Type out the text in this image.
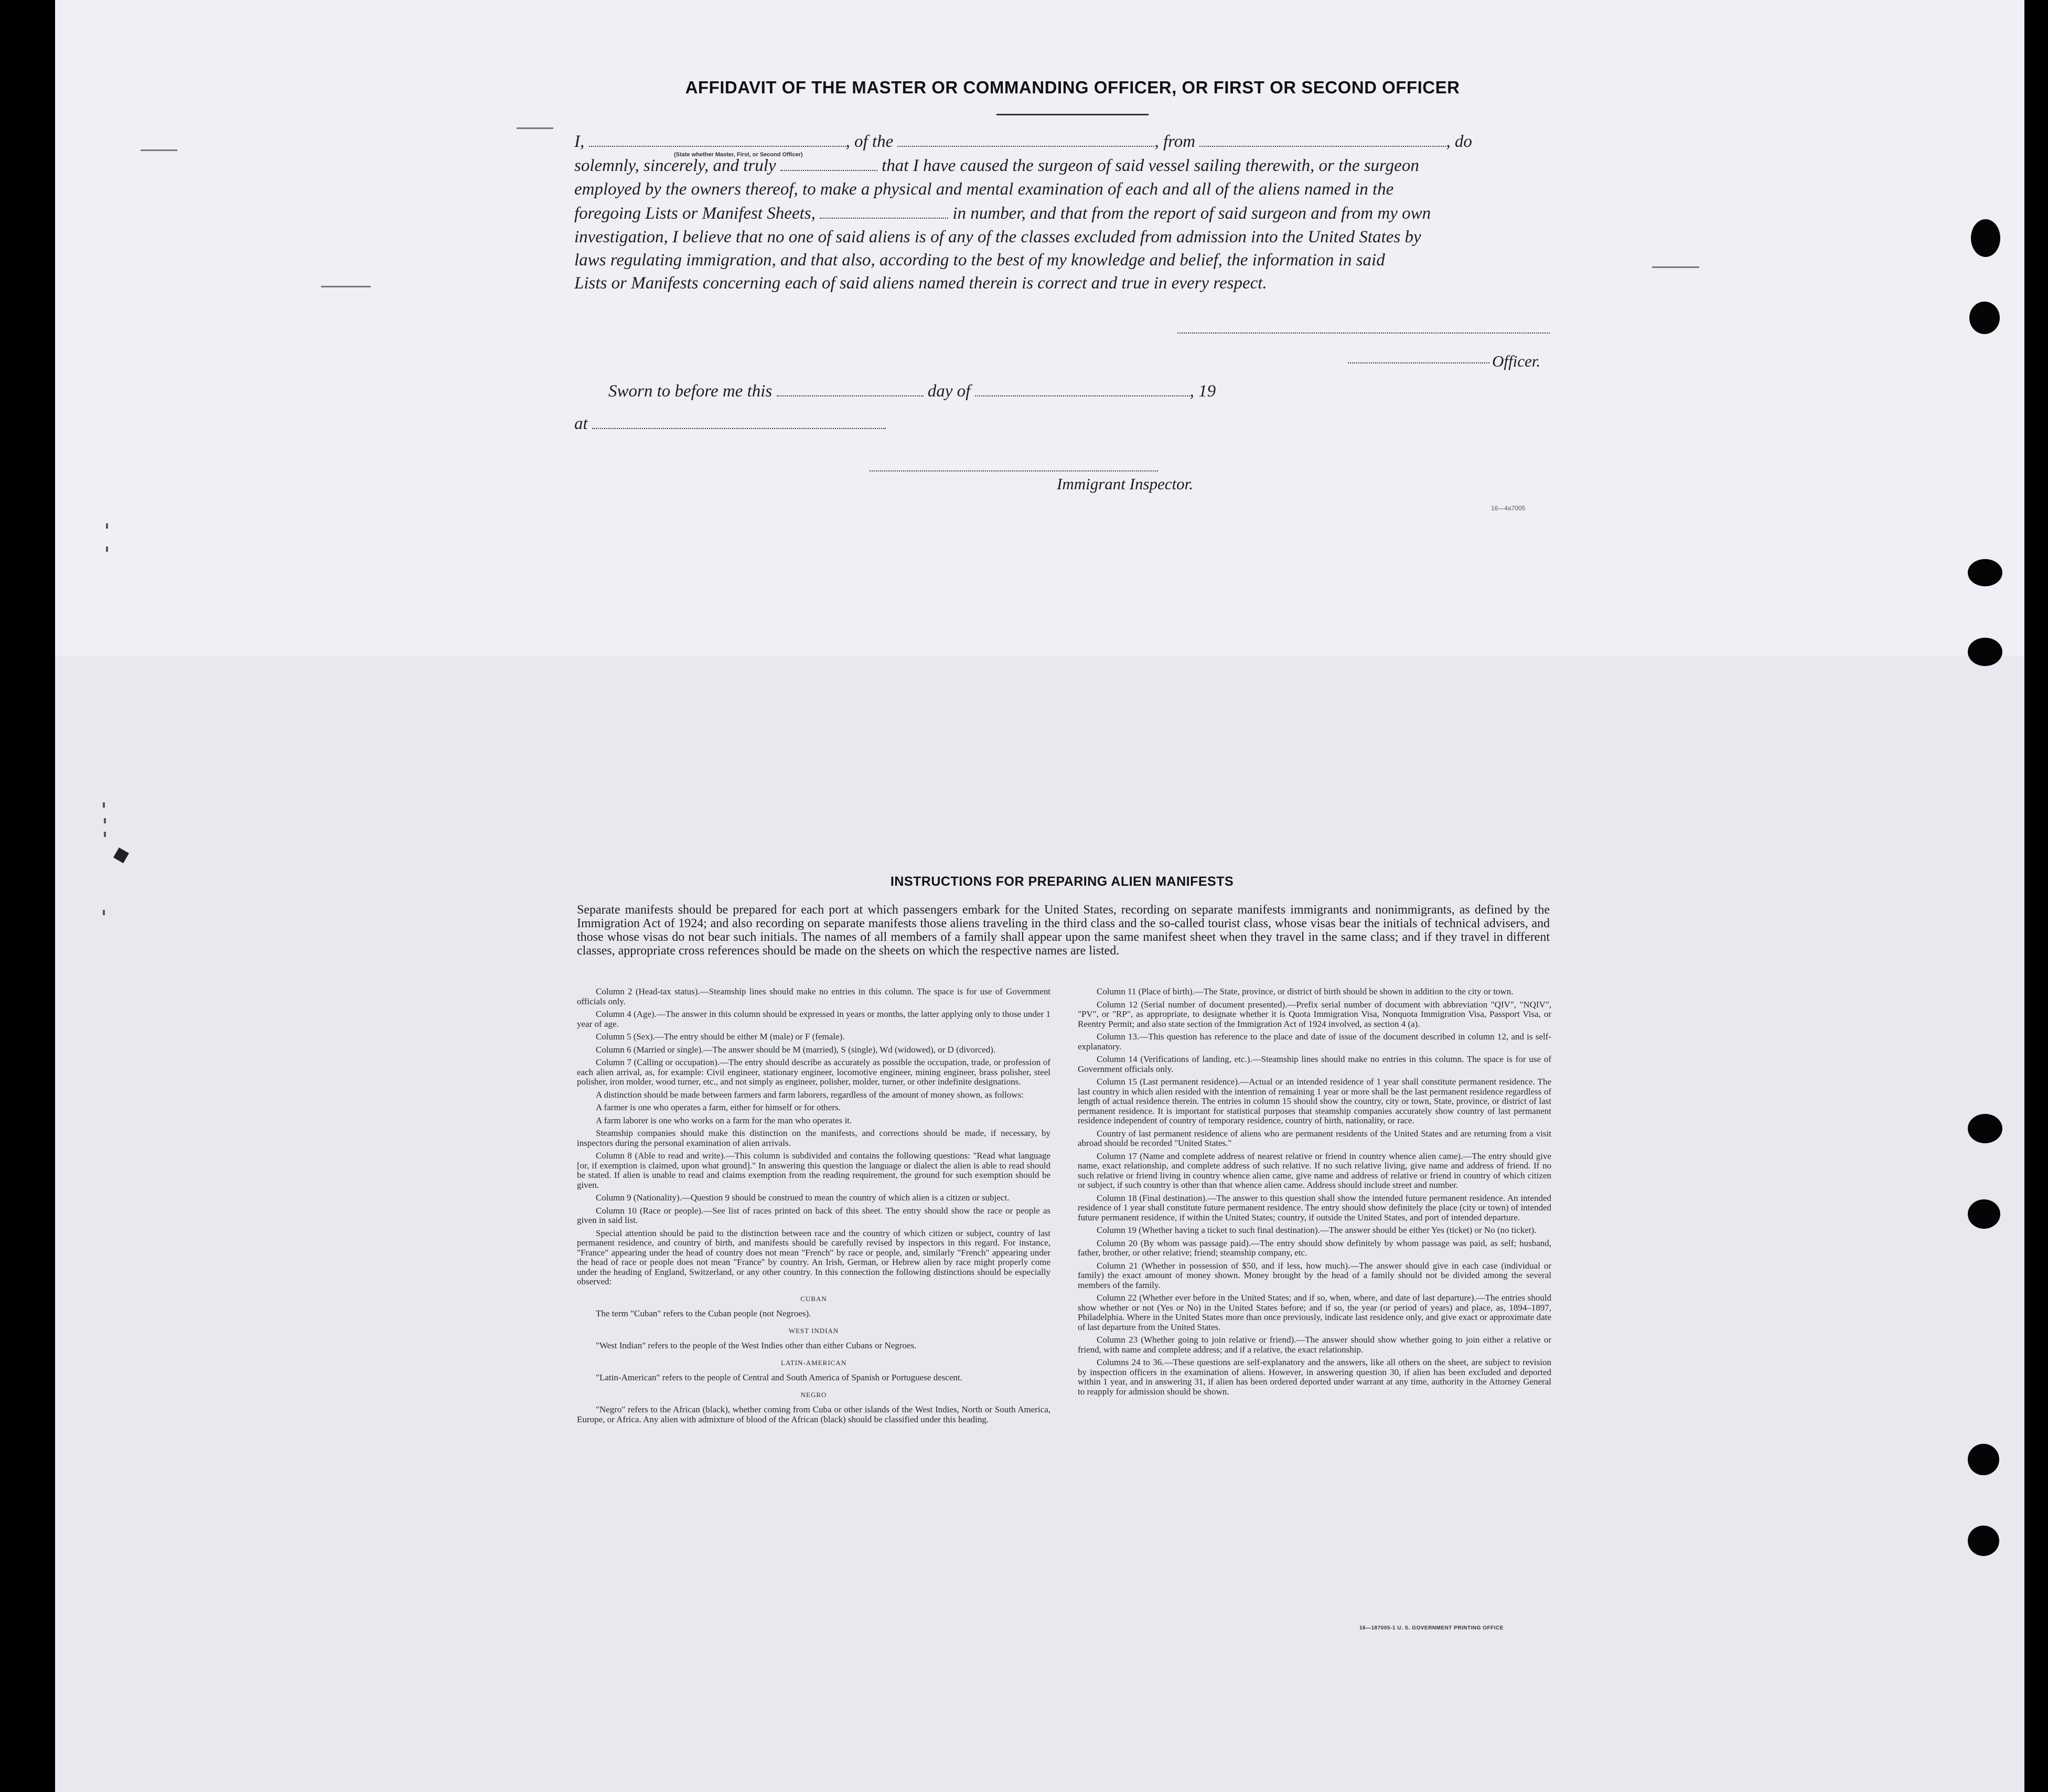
AFFIDAVIT OF THE MASTER OR COMMANDING OFFICER, OR FIRST OR SECOND OFFICER
I,	, of the	, from	, do
(State whether Master, First, or Second Officer)
solemnly, sincerely, and truly	that I have caused the surgeon of said vessel sailing therewith, or the surgeon
employed by the owners thereof, to make a physical and mental examination of each and all of the aliens named in the
foregoing Lists or Manifest Sheets,	in number, and that from the report of said surgeon and from my own
investigation, I believe that no one of said aliens is of any of the classes excluded from admission into the United States by
laws regulating immigration, and that also, according to the best of my knowledge and belief, the information in said
Lists or Manifests concerning each of said aliens named therein is correct and true in every respect.
Officer.
Sworn to before me this	day of	, 19
at
Immigrant Inspector.
16—4a7005
INSTRUCTIONS FOR PREPARING ALIEN MANIFESTS
Separate manifests should be prepared for each port at which passengers embark for the United States, recording on separate manifests immigrants and nonimmigrants, as defined by the Immigration Act of 1924; and also recording on separate manifests those aliens traveling in the third class and the so-called tourist class, whose visas bear the initials of technical advisers, and those whose visas do not bear such initials. The names of all members of a family shall appear upon the same manifest sheet when they travel in the same class; and if they travel in different classes, appropriate cross references should be made on the sheets on which the respective names are listed.

Column 2 (Head-tax status).—Steamship lines should make no entries in this column. The space is for use of Government officials only.

Column 4 (Age).—The answer in this column should be expressed in years or months, the latter applying only to those under 1 year of age.

Column 5 (Sex).—The entry should be either M (male) or F (female).

Column 6 (Married or single).—The answer should be M (married), S (single), Wd (widowed), or D (divorced).

Column 7 (Calling or occupation).—The entry should describe as accurately as possible the occupation, trade, or profession of each alien arrival, as, for example: Civil engineer, stationary engineer, locomotive engineer, mining engineer, brass polisher, steel polisher, iron molder, wood turner, etc., and not simply as engineer, polisher, molder, turner, or other indefinite designations.

A distinction should be made between farmers and farm laborers, regardless of the amount of money shown, as follows:

A farmer is one who operates a farm, either for himself or for others.

A farm laborer is one who works on a farm for the man who operates it.

Steamship companies should make this distinction on the manifests, and corrections should be made, if necessary, by inspectors during the personal examination of alien arrivals.

Column 8 (Able to read and write).—This column is subdivided and contains the following questions: "Read what language [or, if exemption is claimed, upon what ground]." In answering this question the language or dialect the alien is able to read should be stated. If alien is unable to read and claims exemption from the reading requirement, the ground for such exemption should be given.

Column 9 (Nationality).—Question 9 should be construed to mean the country of which alien is a citizen or subject.

Column 10 (Race or people).—See list of races printed on back of this sheet. The entry should show the race or people as given in said list.

Special attention should be paid to the distinction between race and the country of which citizen or subject, country of last permanent residence, and country of birth, and manifests should be carefully revised by inspectors in this regard. For instance, "France" appearing under the head of country does not mean "French" by race or people, and, similarly "French" appearing under the head of race or people does not mean "France" by country. An Irish, German, or Hebrew alien by race might properly come under the heading of England, Switzerland, or any other country. In this connection the following distinctions should be especially observed:

CUBAN

The term "Cuban" refers to the Cuban people (not Negroes).

WEST INDIAN

"West Indian" refers to the people of the West Indies other than either Cubans or Negroes.

LATIN-AMERICAN

"Latin-American" refers to the people of Central and South America of Spanish or Portuguese descent.

NEGRO

"Negro" refers to the African (black), whether coming from Cuba or other islands of the West Indies, North or South America, Europe, or Africa. Any alien with admixture of blood of the African (black) should be classified under this heading.

Column 11 (Place of birth).—The State, province, or district of birth should be shown in addition to the city or town.

Column 12 (Serial number of document presented).—Prefix serial number of document with abbreviation "QIV", "NQIV", "PV", or "RP", as appropriate, to designate whether it is Quota Immigration Visa, Nonquota Immigration Visa, Passport Visa, or Reentry Permit; and also state section of the Immigration Act of 1924 involved, as section 4 (a).

Column 13.—This question has reference to the place and date of issue of the document described in column 12, and is self-explanatory.

Column 14 (Verifications of landing, etc.).—Steamship lines should make no entries in this column. The space is for use of Government officials only.

Column 15 (Last permanent residence).—Actual or an intended residence of 1 year shall constitute permanent residence. The last country in which alien resided with the intention of remaining 1 year or more shall be the last permanent residence regardless of length of actual residence therein. The entries in column 15 should show the country, city or town, State, province, or district of last permanent residence. It is important for statistical purposes that steamship companies accurately show country of last permanent residence independent of country of temporary residence, country of birth, nationality, or race.

Country of last permanent residence of aliens who are permanent residents of the United States and are returning from a visit abroad should be recorded "United States."

Column 17 (Name and complete address of nearest relative or friend in country whence alien came).—The entry should give name, exact relationship, and complete address of such relative. If no such relative living, give name and address of friend. If no such relative or friend living in country whence alien came, give name and address of relative or friend in country of which citizen or subject, if such country is other than that whence alien came. Address should include street and number.

Column 18 (Final destination).—The answer to this question shall show the intended future permanent residence. An intended residence of 1 year shall constitute future permanent residence. The entry should show definitely the place (city or town) of intended future permanent residence, if within the United States; country, if outside the United States, and port of intended departure.

Column 19 (Whether having a ticket to such final destination).—The answer should be either Yes (ticket) or No (no ticket).

Column 20 (By whom was passage paid).—The entry should show definitely by whom passage was paid, as self; husband, father, brother, or other relative; friend; steamship company, etc.

Column 21 (Whether in possession of $50, and if less, how much).—The answer should give in each case (individual or family) the exact amount of money shown. Money brought by the head of a family should not be divided among the several members of the family.

Column 22 (Whether ever before in the United States; and if so, when, where, and date of last departure).—The entries should show whether or not (Yes or No) in the United States before; and if so, the year (or period of years) and place, as, 1894–1897, Philadelphia. Where in the United States more than once previously, indicate last residence only, and give exact or approximate date of last departure from the United States.

Column 23 (Whether going to join relative or friend).—The answer should show whether going to join either a relative or friend, with name and complete address; and if a relative, the exact relationship.

Columns 24 to 36.—These questions are self-explanatory and the answers, like all others on the sheet, are subject to revision by inspection officers in the examination of aliens. However, in answering question 30, if alien has been excluded and deported within 1 year, and in answering 31, if alien has been ordered deported under warrant at any time, authority in the Attorney General to reapply for admission should be shown.

16—187005-1 U. S. GOVERNMENT PRINTING OFFICE
